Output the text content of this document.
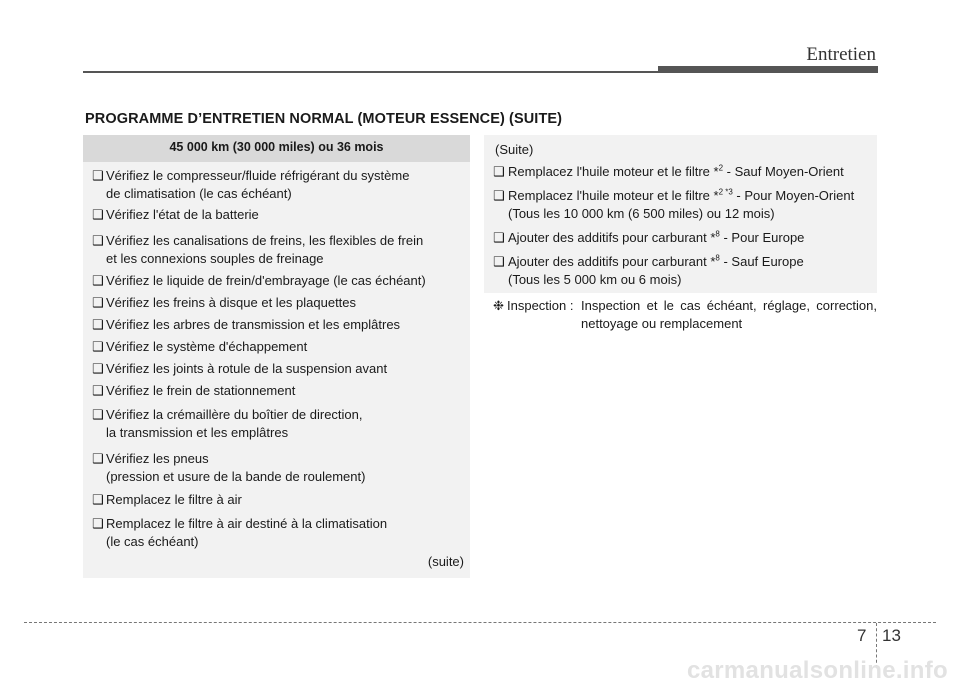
Entretien
PROGRAMME D’ENTRETIEN NORMAL (MOTEUR ESSENCE) (SUITE)
45 000 km (30 000 miles) ou 36 mois
❑ Vérifiez le compresseur/fluide réfrigérant du système
de climatisation (le cas échéant)
❑ Vérifiez l'état de la batterie
❑ Vérifiez les canalisations de freins, les flexibles de frein
et les connexions souples de freinage
❑ Vérifiez le liquide de frein/d'embrayage (le cas échéant)
❑ Vérifiez les freins à disque et les plaquettes
❑ Vérifiez les arbres de transmission et les emplâtres
❑ Vérifiez le système d'échappement
❑ Vérifiez les joints à rotule de la suspension avant
❑ Vérifiez le frein de stationnement
❑ Vérifiez la crémaillère du boîtier de direction,
la transmission et les emplâtres
❑ Vérifiez les pneus
(pression et usure de la bande de roulement)
❑ Remplacez le filtre à air
❑ Remplacez le filtre à air destiné à la climatisation
(le cas échéant)
(suite)
(Suite)
❑ Remplacez l'huile moteur et le filtre *$^2$ - Sauf Moyen-Orient
❑ Remplacez l'huile moteur et le filtre *$^{2 *3}$ - Pour Moyen-Orient
(Tous les 10 000 km (6 500 miles) ou 12 mois)
❑ Ajouter des additifs pour carburant *$^8$ - Pour Europe
❑ Ajouter des additifs pour carburant *$^8$ - Sauf Europe
(Tous les 5 000 km ou 6 mois)
❉ Inspection : Inspection et le cas échéant, réglage, correction, nettoyage ou remplacement
7 13
carmanualsonline.info
